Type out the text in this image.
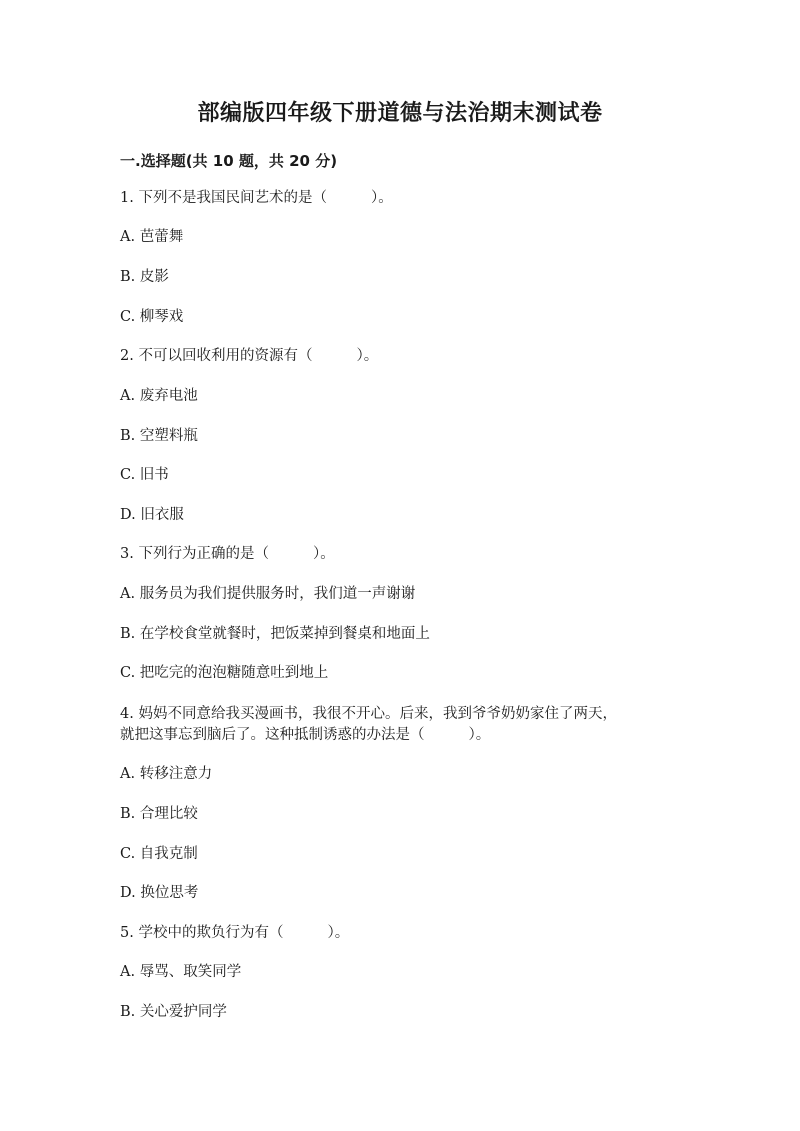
部编版四年级下册道德与法治期末测试卷
一.选择题(共 10 题，共 20 分)
1. 下列不是我国民间艺术的是（	）。
A. 芭蕾舞
B. 皮影
C. 柳琴戏
2. 不可以回收利用的资源有（	）。
A. 废弃电池
B. 空塑料瓶
C. 旧书
D. 旧衣服
3. 下列行为正确的是（	）。
A. 服务员为我们提供服务时，我们道一声谢谢
B. 在学校食堂就餐时，把饭菜掉到餐桌和地面上
C. 把吃完的泡泡糖随意吐到地上
4. 妈妈不同意给我买漫画书，我很不开心。后来，我到爷爷奶奶家住了两天，
就把这事忘到脑后了。这种抵制诱惑的办法是（	）。
A. 转移注意力
B. 合理比较
C. 自我克制
D. 换位思考
5. 学校中的欺负行为有（	）。
A. 辱骂、取笑同学
B. 关心爱护同学
